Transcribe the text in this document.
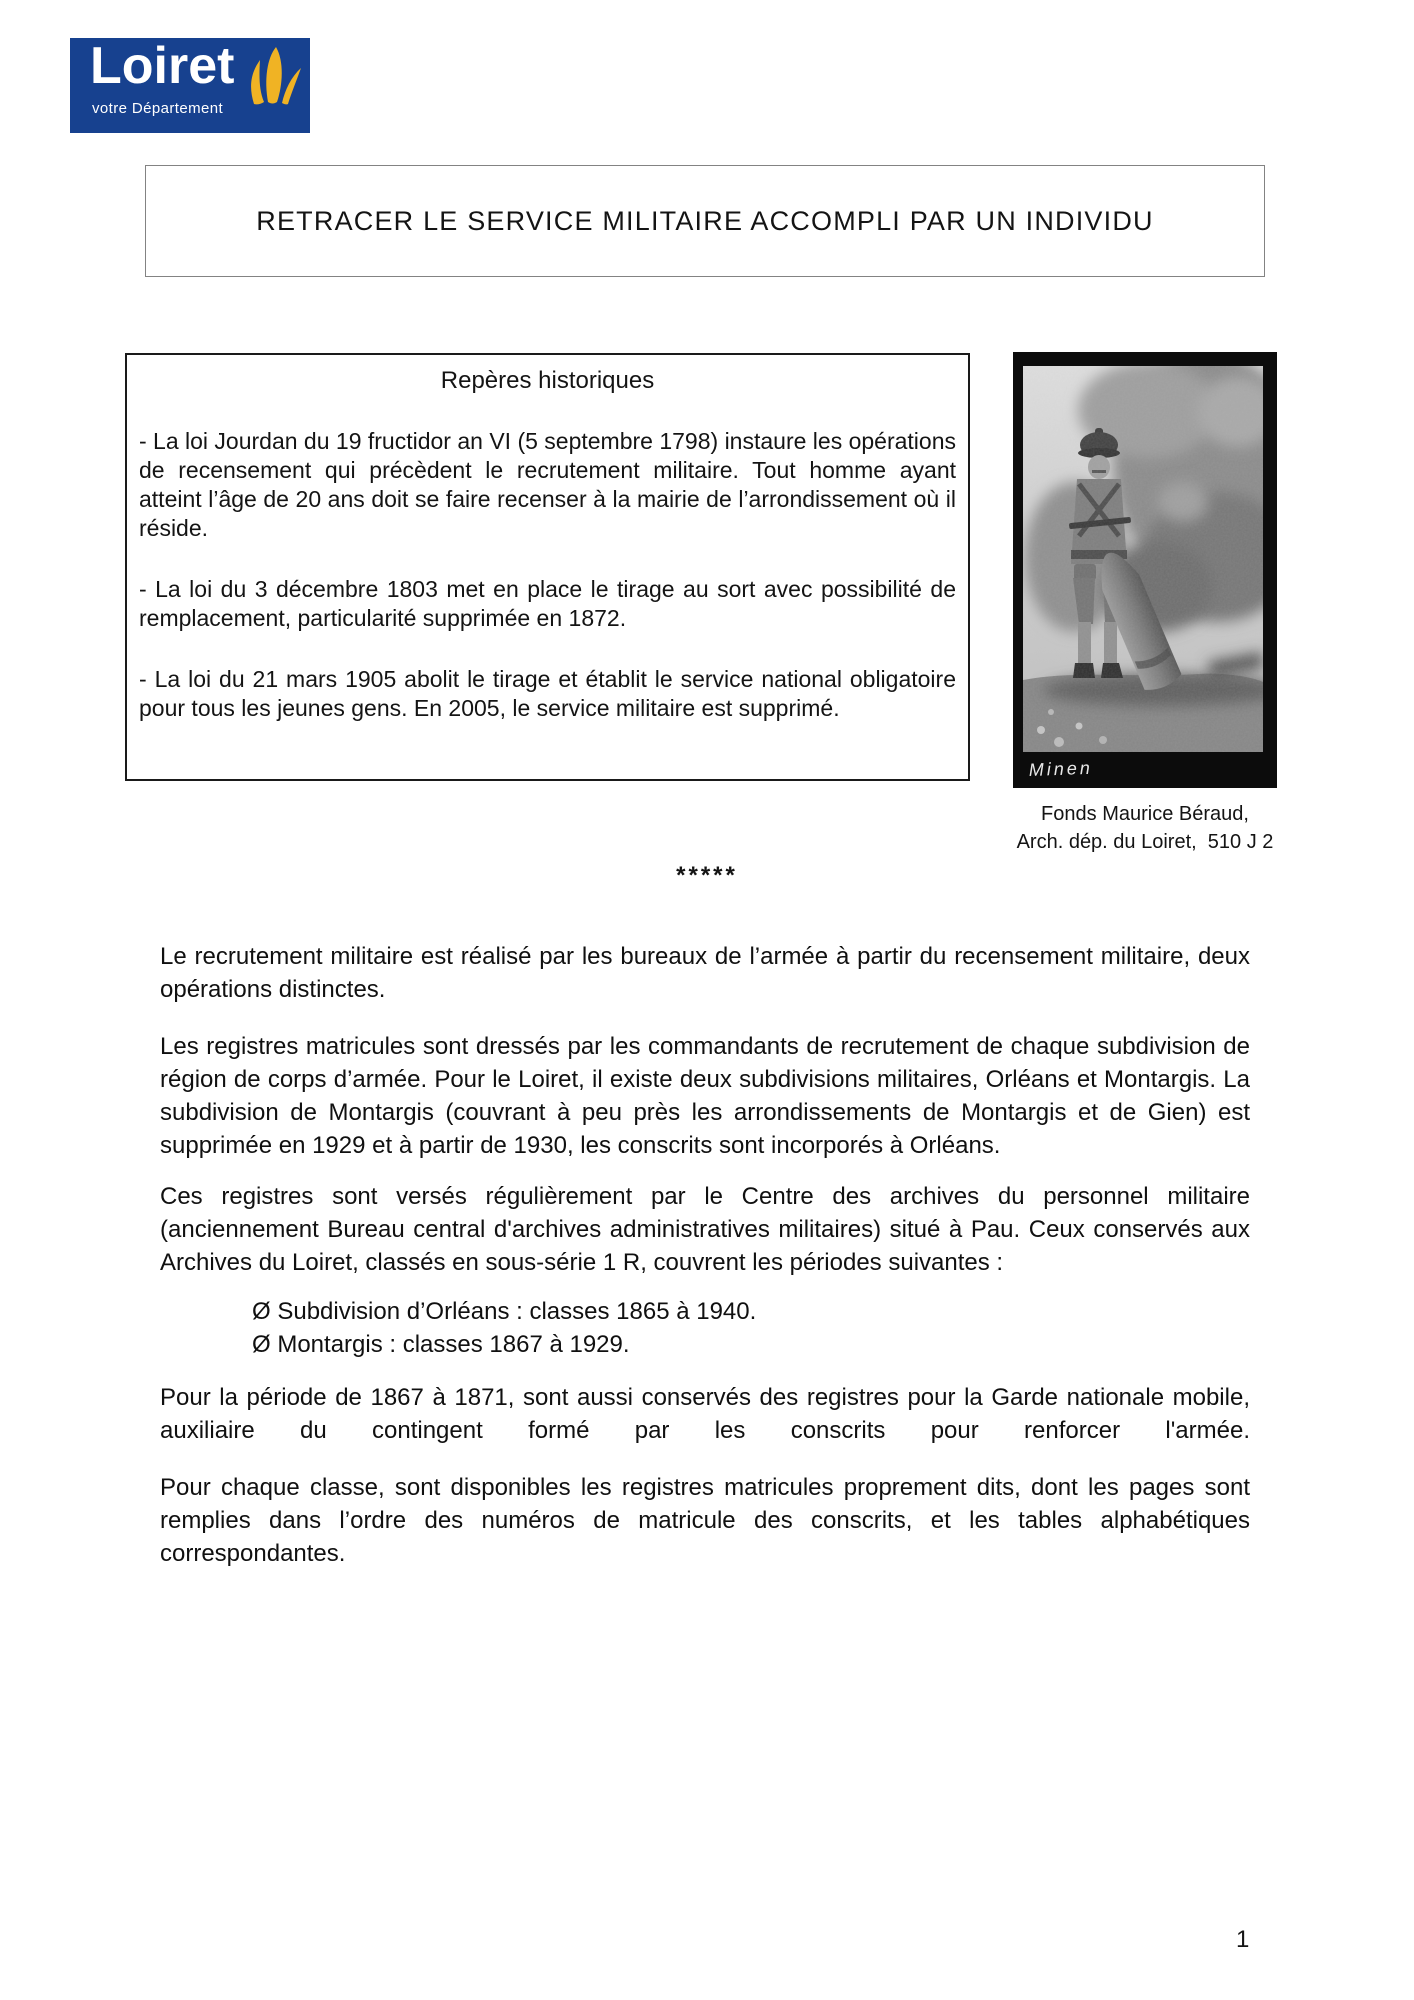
Loiret
votre Département
RETRACER LE SERVICE MILITAIRE ACCOMPLI PAR UN INDIVIDU
Repères historiques

- La loi Jourdan du 19 fructidor an VI (5 septembre 1798) instaure les opérations de recensement qui précèdent le recrutement militaire. Tout homme ayant atteint l’âge de 20 ans doit se faire recenser à la mairie de l’arrondissement où il réside.

- La loi du 3 décembre 1803 met en place le tirage au sort avec possibilité de remplacement, particularité supprimée en 1872.

- La loi du 21 mars 1905 abolit le tirage et établit le service national obligatoire pour tous les jeunes gens. En 2005, le service militaire est supprimé.

Minen
Fonds Maurice Béraud,
Arch. dép. du Loiret,  510 J 2
*****

Le recrutement militaire est réalisé par les bureaux de l’armée à partir du recensement militaire, deux opérations distinctes.

Les registres matricules sont dressés par les commandants de recrutement de chaque subdivision de région de corps d’armée. Pour le Loiret, il existe deux subdivisions militaires, Orléans et Montargis. La subdivision de Montargis (couvrant à peu près les arrondissements de Montargis et de Gien) est supprimée en 1929 et à partir de 1930, les conscrits sont incorporés à Orléans.

Ces registres sont versés régulièrement par le Centre des archives du personnel militaire (anciennement Bureau central d'archives administratives militaires) situé à Pau. Ceux conservés aux Archives du Loiret, classés en sous-série 1 R, couvrent les périodes suivantes :

Ø Subdivision d’Orléans : classes 1865 à 1940.
Ø Montargis : classes 1867 à 1929.

Pour la période de 1867 à 1871, sont aussi conservés des registres pour la Garde nationale mobile, auxiliaire du contingent formé par les conscrits pour renforcer l'armée.

Pour chaque classe, sont disponibles les registres matricules proprement dits, dont les pages sont remplies dans l’ordre des numéros de matricule des conscrits, et les tables alphabétiques correspondantes.

1
